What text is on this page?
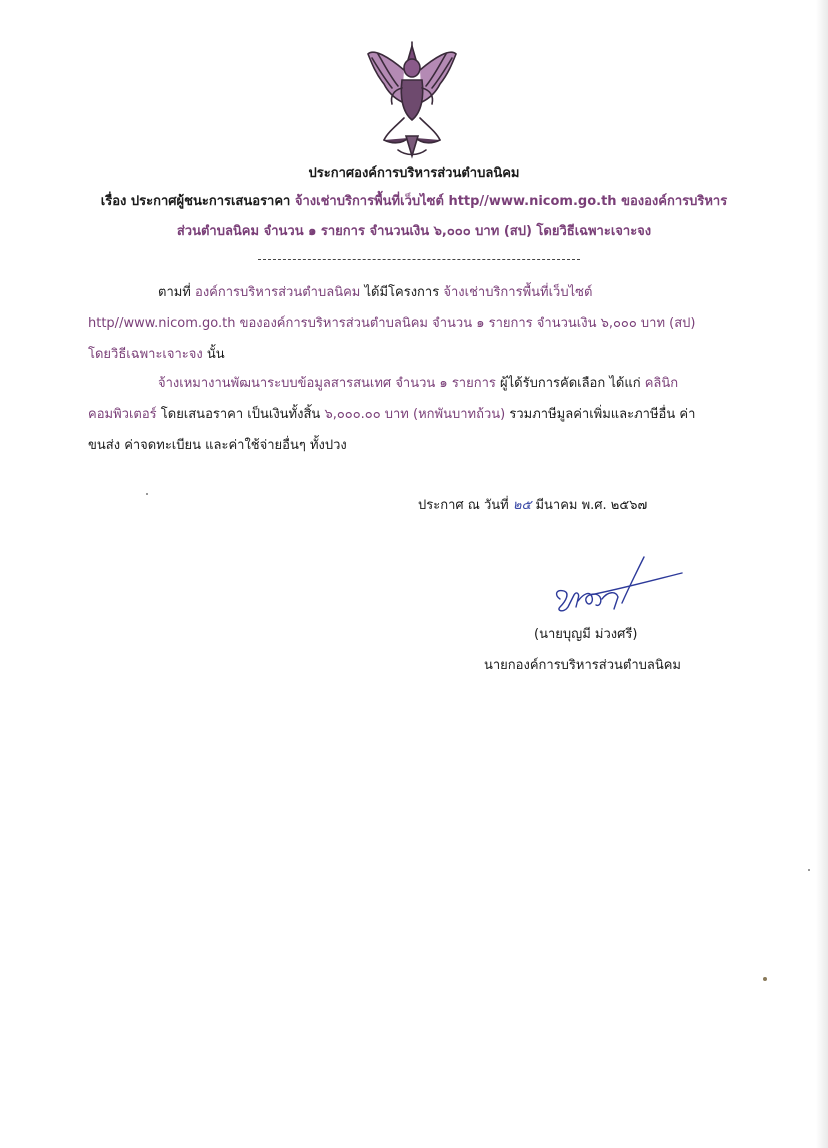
ประกาศองค์การบริหารส่วนตำบลนิคม
เรื่อง ประกาศผู้ชนะการเสนอราคา จ้างเช่าบริการพื้นที่เว็บไซต์ http//www.nicom.go.th ขององค์การบริหาร
ส่วนตำบลนิคม จำนวน ๑ รายการ จำนวนเงิน ๖,๐๐๐ บาท (สป) โดยวิธีเฉพาะเจาะจง
ตามที่ องค์การบริหารส่วนตำบลนิคม ได้มีโครงการ จ้างเช่าบริการพื้นที่เว็บไซต์
http//www.nicom.go.th ขององค์การบริหารส่วนตำบลนิคม จำนวน ๑ รายการ จำนวนเงิน ๖,๐๐๐ บาท (สป)
โดยวิธีเฉพาะเจาะจง นั้น
จ้างเหมางานพัฒนาระบบข้อมูลสารสนเทศ จำนวน ๑ รายการ ผู้ได้รับการคัดเลือก ได้แก่ คลินิก
คอมพิวเตอร์ โดยเสนอราคา เป็นเงินทั้งสิ้น ๖,๐๐๐.๐๐ บาท (หกพันบาทถ้วน) รวมภาษีมูลค่าเพิ่มและภาษีอื่น ค่า
ขนส่ง ค่าจดทะเบียน และค่าใช้จ่ายอื่นๆ ทั้งปวง
ประกาศ ณ วันที่ ๒๕ มีนาคม พ.ศ. ๒๕๖๗
(นายบุญมี ม่วงศรี)
นายกองค์การบริหารส่วนตำบลนิคม
